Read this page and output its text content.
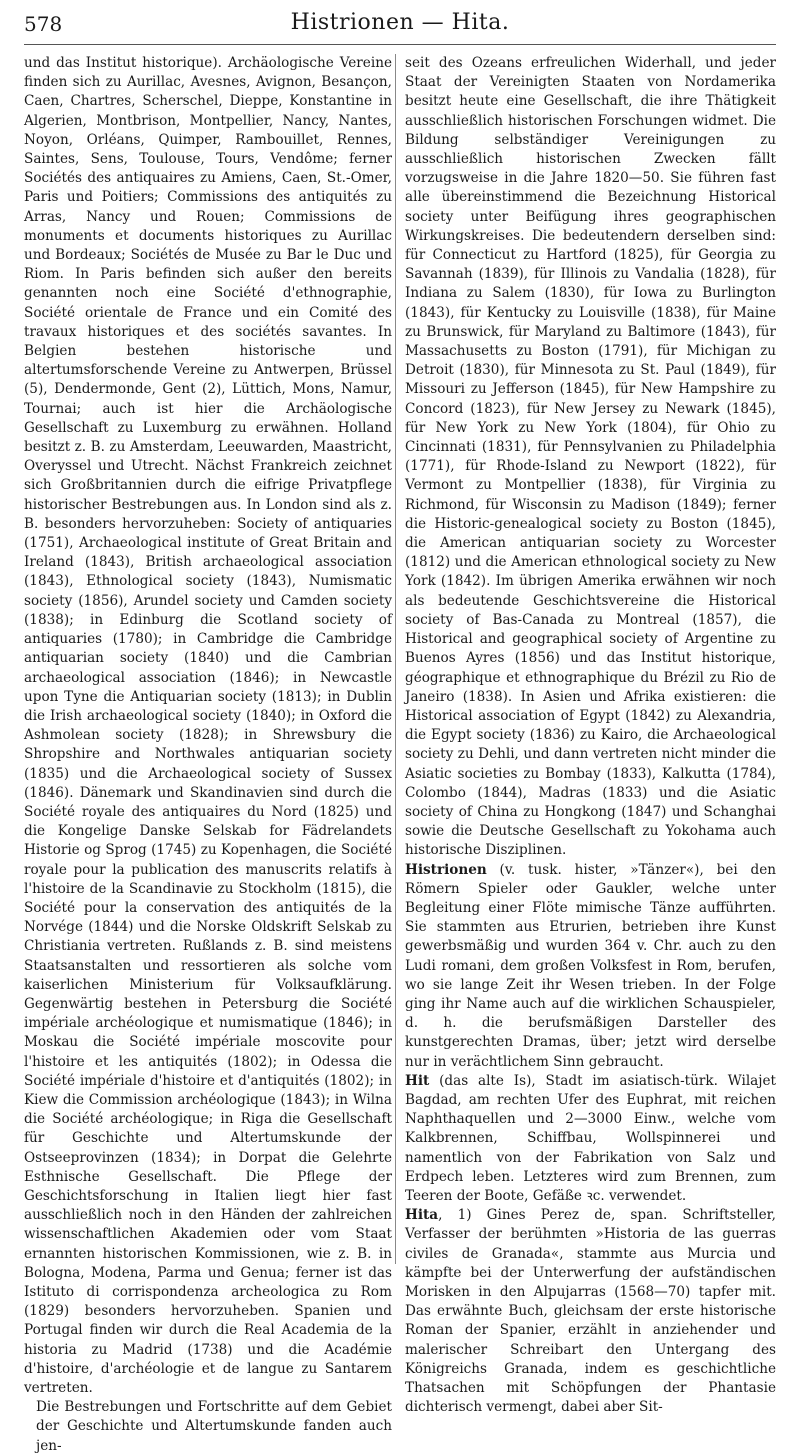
578	Histrionen — Hita.

und das Institut historique). Archäologische Vereine finden sich zu Aurillac, Avesnes, Avignon, Besançon, Caen, Chartres, Scherschel, Dieppe, Konstantine in Algerien, Montbrison, Montpellier, Nancy, Nantes, Noyon, Orléans, Quimper, Rambouillet, Rennes, Saintes, Sens, Toulouse, Tours, Vendôme; ferner Sociétés des antiquaires zu Amiens, Caen, St.-Omer, Paris und Poitiers; Commissions des antiquités zu Arras, Nancy und Rouen; Commissions de monuments et documents historiques zu Aurillac und Bordeaux; Sociétés de Musée zu Bar le Duc und Riom. In Paris befinden sich außer den bereits genannten noch eine Société d'ethnographie, Société orientale de France und ein Comité des travaux historiques et des sociétés savantes. In Belgien bestehen historische und altertumsforschende Vereine zu Antwerpen, Brüssel (5), Dendermonde, Gent (2), Lüttich, Mons, Namur, Tournai; auch ist hier die Archäologische Gesellschaft zu Luxemburg zu erwähnen. Holland besitzt z. B. zu Amsterdam, Leeuwarden, Maastricht, Overyssel und Utrecht. Nächst Frankreich zeichnet sich Großbritannien durch die eifrige Privatpflege historischer Bestrebungen aus. In London sind als z. B. besonders hervorzuheben: Society of antiquaries (1751), Archaeological institute of Great Britain and Ireland (1843), British archaeological association (1843), Ethnological society (1843), Numismatic society (1856), Arundel society und Camden society (1838); in Edinburg die Scotland society of antiquaries (1780); in Cambridge die Cambridge antiquarian society (1840) und die Cambrian archaeological association (1846); in Newcastle upon Tyne die Antiquarian society (1813); in Dublin die Irish archaeological society (1840); in Oxford die Ashmolean society (1828); in Shrewsbury die Shropshire and Northwales antiquarian society (1835) und die Archaeological society of Sussex (1846). Dänemark und Skandinavien sind durch die Société royale des antiquaires du Nord (1825) und die Kongelige Danske Selskab for Fädrelandets Historie og Sprog (1745) zu Kopenhagen, die Société royale pour la publication des manuscrits relatifs à l'histoire de la Scandinavie zu Stockholm (1815), die Société pour la conservation des antiquités de la Norvége (1844) und die Norske Oldskrift Selskab zu Christiania vertreten. Rußlands z. B. sind meistens Staatsanstalten und ressortieren als solche vom kaiserlichen Ministerium für Volksaufklärung. Gegenwärtig bestehen in Petersburg die Société impériale archéologique et numismatique (1846); in Moskau die Société impériale moscovite pour l'histoire et les antiquités (1802); in Odessa die Société impériale d'histoire et d'antiquités (1802); in Kiew die Commission archéologique (1843); in Wilna die Société archéologique; in Riga die Gesellschaft für Geschichte und Altertumskunde der Ostseeprovinzen (1834); in Dorpat die Gelehrte Esthnische Gesellschaft. Die Pflege der Geschichtsforschung in Italien liegt hier fast ausschließlich noch in den Händen der zahlreichen wissenschaftlichen Akademien oder vom Staat ernannten historischen Kommissionen, wie z. B. in Bologna, Modena, Parma und Genua; ferner ist das Istituto di corrispondenza archeologica zu Rom (1829) besonders hervorzuheben. Spanien und Portugal finden wir durch die Real Academia de la historia zu Madrid (1738) und die Académie d'histoire, d'archéologie et de langue zu Santarem vertreten.

Die Bestrebungen und Fortschritte auf dem Gebiet der Geschichte und Altertumskunde fanden auch jen-

seit des Ozeans erfreulichen Widerhall, und jeder Staat der Vereinigten Staaten von Nordamerika besitzt heute eine Gesellschaft, die ihre Thätigkeit ausschließlich historischen Forschungen widmet. Die Bildung selbständiger Vereinigungen zu ausschließlich historischen Zwecken fällt vorzugsweise in die Jahre 1820—50. Sie führen fast alle übereinstimmend die Bezeichnung Historical society unter Beifügung ihres geographischen Wirkungskreises. Die bedeutendern derselben sind: für Connecticut zu Hartford (1825), für Georgia zu Savannah (1839), für Illinois zu Vandalia (1828), für Indiana zu Salem (1830), für Iowa zu Burlington (1843), für Kentucky zu Louisville (1838), für Maine zu Brunswick, für Maryland zu Baltimore (1843), für Massachusetts zu Boston (1791), für Michigan zu Detroit (1830), für Minnesota zu St. Paul (1849), für Missouri zu Jefferson (1845), für New Hampshire zu Concord (1823), für New Jersey zu Newark (1845), für New York zu New York (1804), für Ohio zu Cincinnati (1831), für Pennsylvanien zu Philadelphia (1771), für Rhode-Island zu Newport (1822), für Vermont zu Montpellier (1838), für Virginia zu Richmond, für Wisconsin zu Madison (1849); ferner die Historic-genealogical society zu Boston (1845), die American antiquarian society zu Worcester (1812) und die American ethnological society zu New York (1842). Im übrigen Amerika erwähnen wir noch als bedeutende Geschichtsvereine die Historical society of Bas-Canada zu Montreal (1857), die Historical and geographical society of Argentine zu Buenos Ayres (1856) und das Institut historique, géographique et ethnographique du Brézil zu Rio de Janeiro (1838). In Asien und Afrika existieren: die Historical association of Egypt (1842) zu Alexandria, die Egypt society (1836) zu Kairo, die Archaeological society zu Dehli, und dann vertreten nicht minder die Asiatic societies zu Bombay (1833), Kalkutta (1784), Colombo (1844), Madras (1833) und die Asiatic society of China zu Hongkong (1847) und Schanghai sowie die Deutsche Gesellschaft zu Yokohama auch historische Disziplinen.

Histrionen (v. tusk. hister, »Tänzer«), bei den Römern Spieler oder Gaukler, welche unter Begleitung einer Flöte mimische Tänze aufführten. Sie stammten aus Etrurien, betrieben ihre Kunst gewerbsmäßig und wurden 364 v. Chr. auch zu den Ludi romani, dem großen Volksfest in Rom, berufen, wo sie lange Zeit ihr Wesen trieben. In der Folge ging ihr Name auch auf die wirklichen Schauspieler, d. h. die berufsmäßigen Darsteller des kunstgerechten Dramas, über; jetzt wird derselbe nur in verächtlichem Sinn gebraucht.

Hit (das alte Is), Stadt im asiatisch-türk. Wilajet Bagdad, am rechten Ufer des Euphrat, mit reichen Naphthaquellen und 2—3000 Einw., welche vom Kalkbrennen, Schiffbau, Wollspinnerei und namentlich von der Fabrikation von Salz und Erdpech leben. Letzteres wird zum Brennen, zum Teeren der Boote, Gefäße ꝛc. verwendet.

Hita, 1) Gines Perez de, span. Schriftsteller, Verfasser der berühmten »Historia de las guerras civiles de Granada«, stammte aus Murcia und kämpfte bei der Unterwerfung der aufständischen Morisken in den Alpujarras (1568—70) tapfer mit. Das erwähnte Buch, gleichsam der erste historische Roman der Spanier, erzählt in anziehender und malerischer Schreibart den Untergang des Königreichs Granada, indem es geschichtliche Thatsachen mit Schöpfungen der Phantasie dichterisch vermengt, dabei aber Sit-
